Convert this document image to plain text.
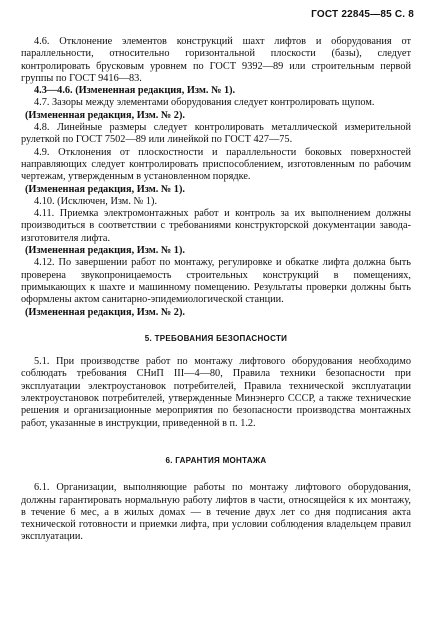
ГОСТ 22845—85 С. 8

4.6. Отклонение элементов конструкций шахт лифтов и оборудования от параллельности, относительно горизонтальной плоскости (базы), следует контролировать брусковым уровнем по ГОСТ 9392—89 или строительным первой группы по ГОСТ 9416—83.

4.3—4.6. (Измененная редакция, Изм. № 1).

4.7. Зазоры между элементами оборудования следует контролировать щупом.

(Измененная редакция, Изм. № 2).

4.8. Линейные размеры следует контролировать металлической измерительной рулеткой по ГОСТ 7502—89 или линейкой по ГОСТ 427—75.

4.9. Отклонения от плоскостности и параллельности боковых поверхностей направляющих следует контролировать приспособлением, изготовленным по рабочим чертежам, утвержденным в установленном порядке.

(Измененная редакция, Изм. № 1).

4.10. (Исключен, Изм. № 1).

4.11. Приемка электромонтажных работ и контроль за их выполнением должны производиться в соответствии с требованиями конструкторской документации завода-изготовителя лифта.

(Измененная редакция, Изм. № 1).

4.12. По завершении работ по монтажу, регулировке и обкатке лифта должна быть проверена звукопроницаемость строительных конструкций в помещениях, примыкающих к шахте и машинному помещению. Результаты проверки должны быть оформлены актом санитарно-эпидемиологической станции.

(Измененная редакция, Изм. № 2).

5. ТРЕБОВАНИЯ БЕЗОПАСНОСТИ

5.1. При производстве работ по монтажу лифтового оборудования необходимо соблюдать требования СНиП III—4—80, Правила техники безопасности при эксплуатации электроустановок потребителей, Правила технической эксплуатации электроустановок потребителей, утвержденные Минэнерго СССР, а также технические решения и организационные мероприятия по безопасности производства монтажных работ, указанные в инструкции, приведенной в п. 1.2.

6. ГАРАНТИЯ МОНТАЖА

6.1. Организации, выполняющие работы по монтажу лифтового оборудования, должны гарантировать нормальную работу лифтов в части, относящейся к их монтажу, в течение 6 мес, а в жилых домах — в течение двух лет со дня подписания акта технической готовности и приемки лифта, при условии соблюдения владельцем правил эксплуатации.
